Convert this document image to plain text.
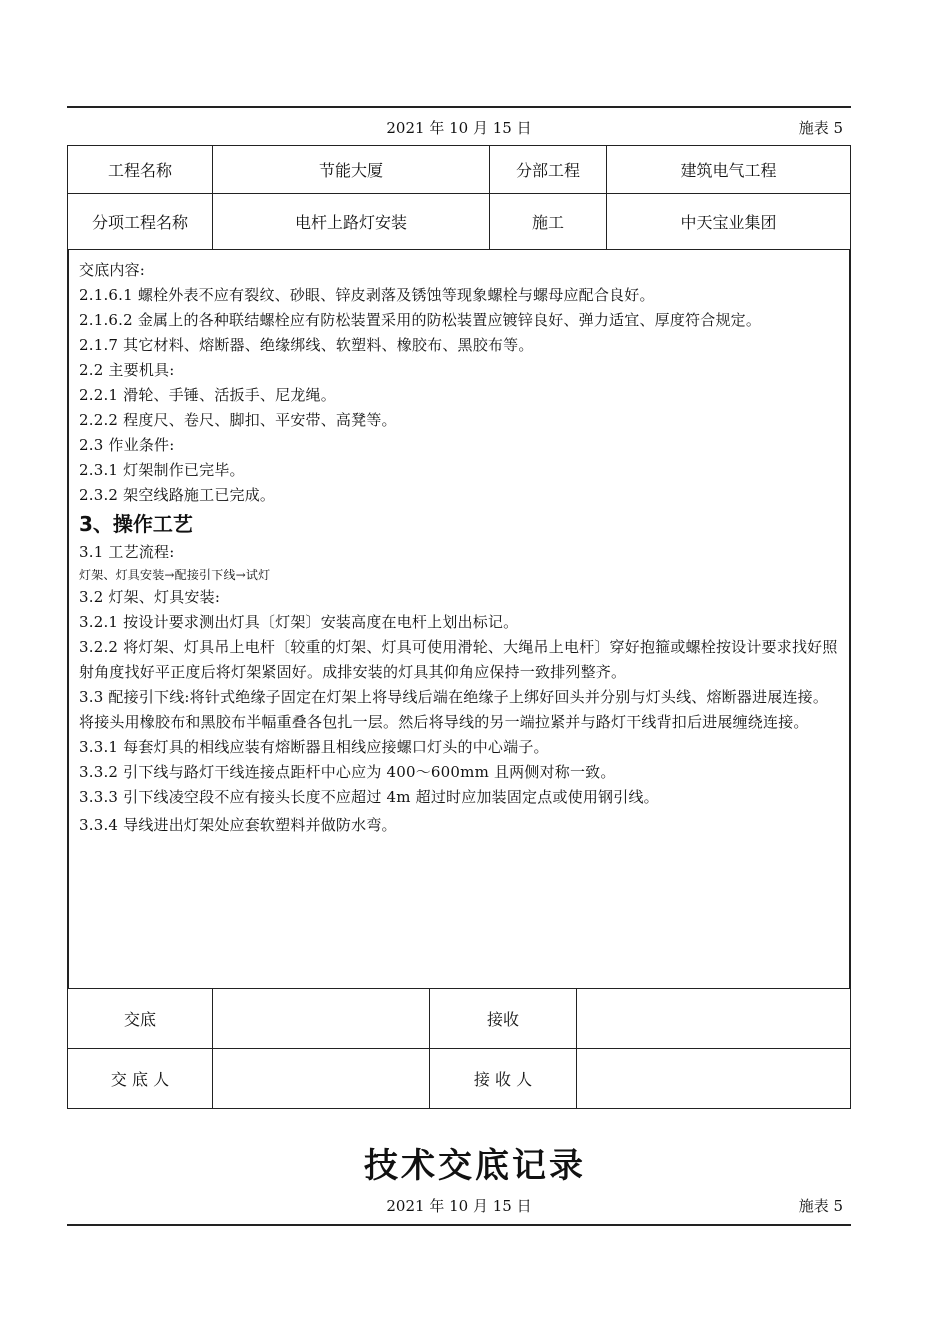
2021 年 10 月 15 日	施表 5
工程名称	节能大厦	分部工程	建筑电气工程
分项工程名称	电杆上路灯安装	施工	中天宝业集团
交底内容:
2.1.6.1 螺栓外表不应有裂纹、砂眼、锌皮剥落及锈蚀等现象螺栓与螺母应配合良好。
2.1.6.2 金属上的各种联结螺栓应有防松装置采用的防松装置应镀锌良好、弹力适宜、厚度符合规定。
2.1.7 其它材料、熔断器、绝缘绑线、软塑料、橡胶布、黑胶布等。
2.2 主要机具:
2.2.1 滑轮、手锤、活扳手、尼龙绳。
2.2.2 程度尺、卷尺、脚扣、平安带、高凳等。
2.3 作业条件:
2.3.1 灯架制作已完毕。
2.3.2 架空线路施工已完成。
3、操作工艺
3.1 工艺流程:
灯架、灯具安装→配接引下线→试灯
3.2 灯架、灯具安装:
3.2.1 按设计要求测出灯具〔灯架〕安装高度在电杆上划出标记。
3.2.2 将灯架、灯具吊上电杆〔较重的灯架、灯具可使用滑轮、大绳吊上电杆〕穿好抱箍或螺栓按设计要求找好照射角度找好平正度后将灯架紧固好。成排安装的灯具其仰角应保持一致排列整齐。
3.3 配接引下线:将针式绝缘子固定在灯架上将导线后端在绝缘子上绑好回头并分别与灯头线、熔断器进展连接。将接头用橡胶布和黑胶布半幅重叠各包扎一层。然后将导线的另一端拉紧并与路灯干线背扣后进展缠绕连接。
3.3.1 每套灯具的相线应装有熔断器且相线应接螺口灯头的中心端子。
3.3.2 引下线与路灯干线连接点距杆中心应为 400～600mm 且两侧对称一致。
3.3.3 引下线凌空段不应有接头长度不应超过 4m 超过时应加装固定点或使用钢引线。
3.3.4 导线进出灯架处应套软塑料并做防水弯。
交底		接收	
交 底 人		接 收 人	
技术交底记录
2021 年 10 月 15 日	施表 5
